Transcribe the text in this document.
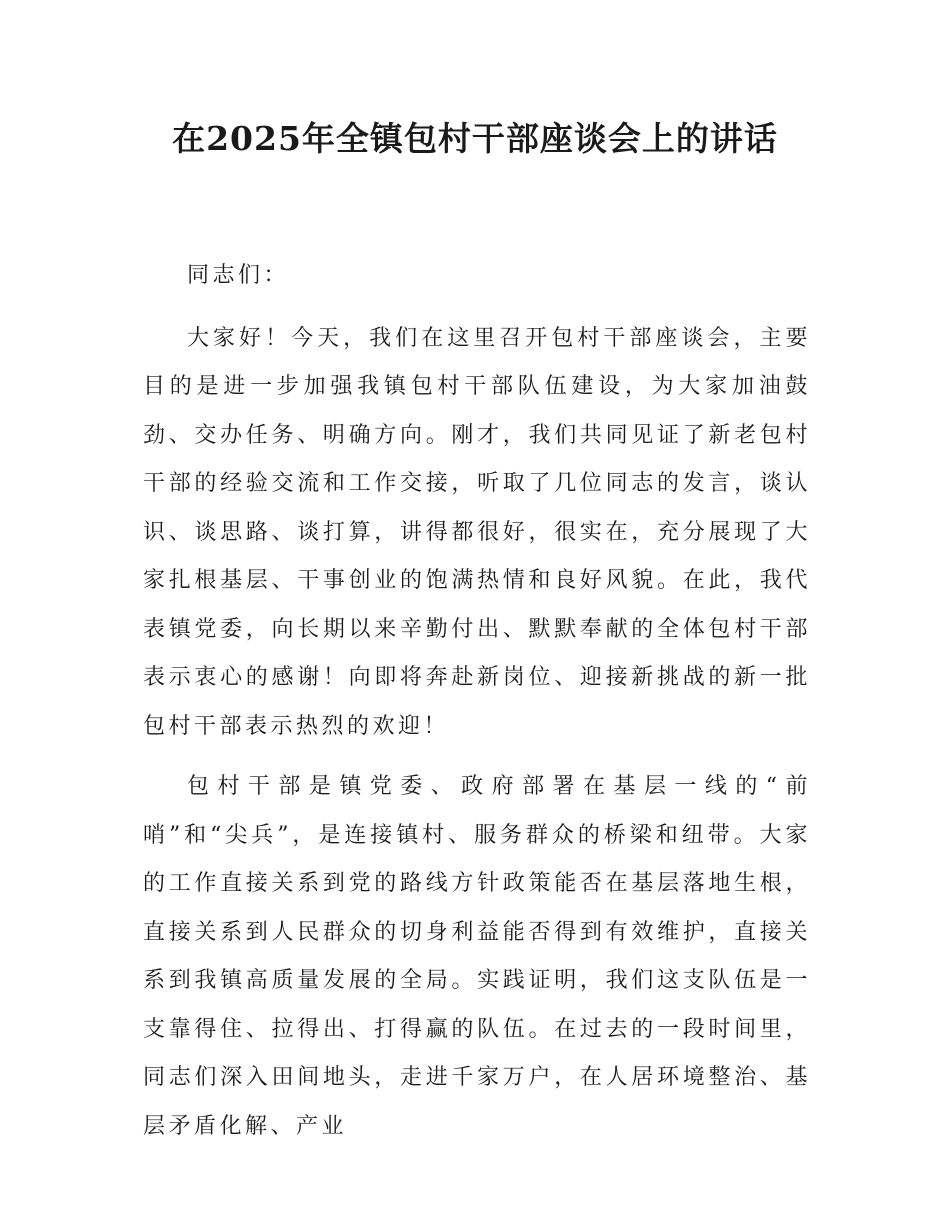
在2025年全镇包村干部座谈会上的讲话

同志们：

大家好！今天，我们在这里召开包村干部座谈会，主要目的是进一步加强我镇包村干部队伍建设，为大家加油鼓劲、交办任务、明确方向。刚才，我们共同见证了新老包村干部的经验交流和工作交接，听取了几位同志的发言，谈认识、谈思路、谈打算，讲得都很好，很实在，充分展现了大家扎根基层、干事创业的饱满热情和良好风貌。在此，我代表镇党委，向长期以来辛勤付出、默默奉献的全体包村干部表示衷心的感谢！向即将奔赴新岗位、迎接新挑战的新一批包村干部表示热烈的欢迎！

包村干部是镇党委、政府部署在基层一线的“前哨”和“尖兵”，是连接镇村、服务群众的桥梁和纽带。大家的工作直接关系到党的路线方针政策能否在基层落地生根，直接关系到人民群众的切身利益能否得到有效维护，直接关系到我镇高质量发展的全局。实践证明，我们这支队伍是一支靠得住、拉得出、打得赢的队伍。在过去的一段时间里，同志们深入田间地头，走进千家万户，在人居环境整治、基层矛盾化解、产业
